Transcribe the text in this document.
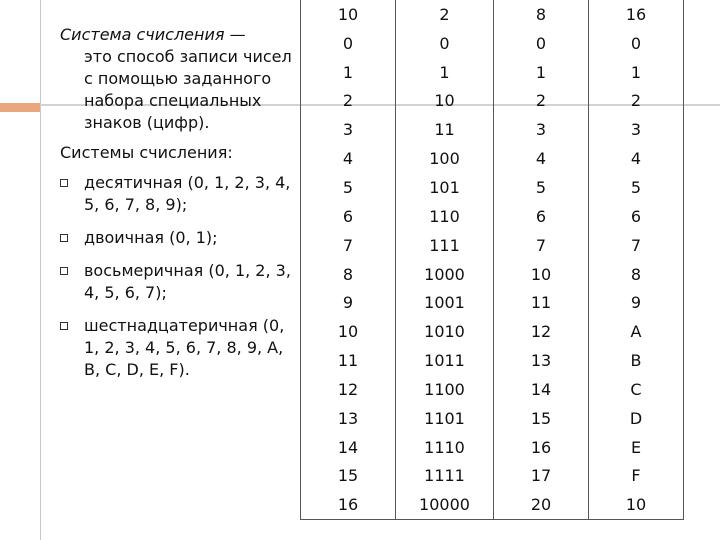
Система счисления —
это способ записи чисел с помощью заданного набора специальных знаков (цифр).
Системы счисления:
десятичная (0, 1, 2, 3, 4, 5, 6, 7, 8, 9);
двоичная (0, 1);
восьмеричная (0, 1, 2, 3, 4, 5, 6, 7);
шестнадцатеричная (0, 1, 2, 3, 4, 5, 6, 7, 8, 9, A, B, C, D, E, F).
10	2	8	16
0	0	0	0
1	1	1	1
2	10	2	2
3	11	3	3
4	100	4	4
5	101	5	5
6	110	6	6
7	111	7	7
8	1000	10	8
9	1001	11	9
10	1010	12	A
11	1011	13	B
12	1100	14	C
13	1101	15	D
14	1110	16	E
15	1111	17	F
16	10000	20	10
